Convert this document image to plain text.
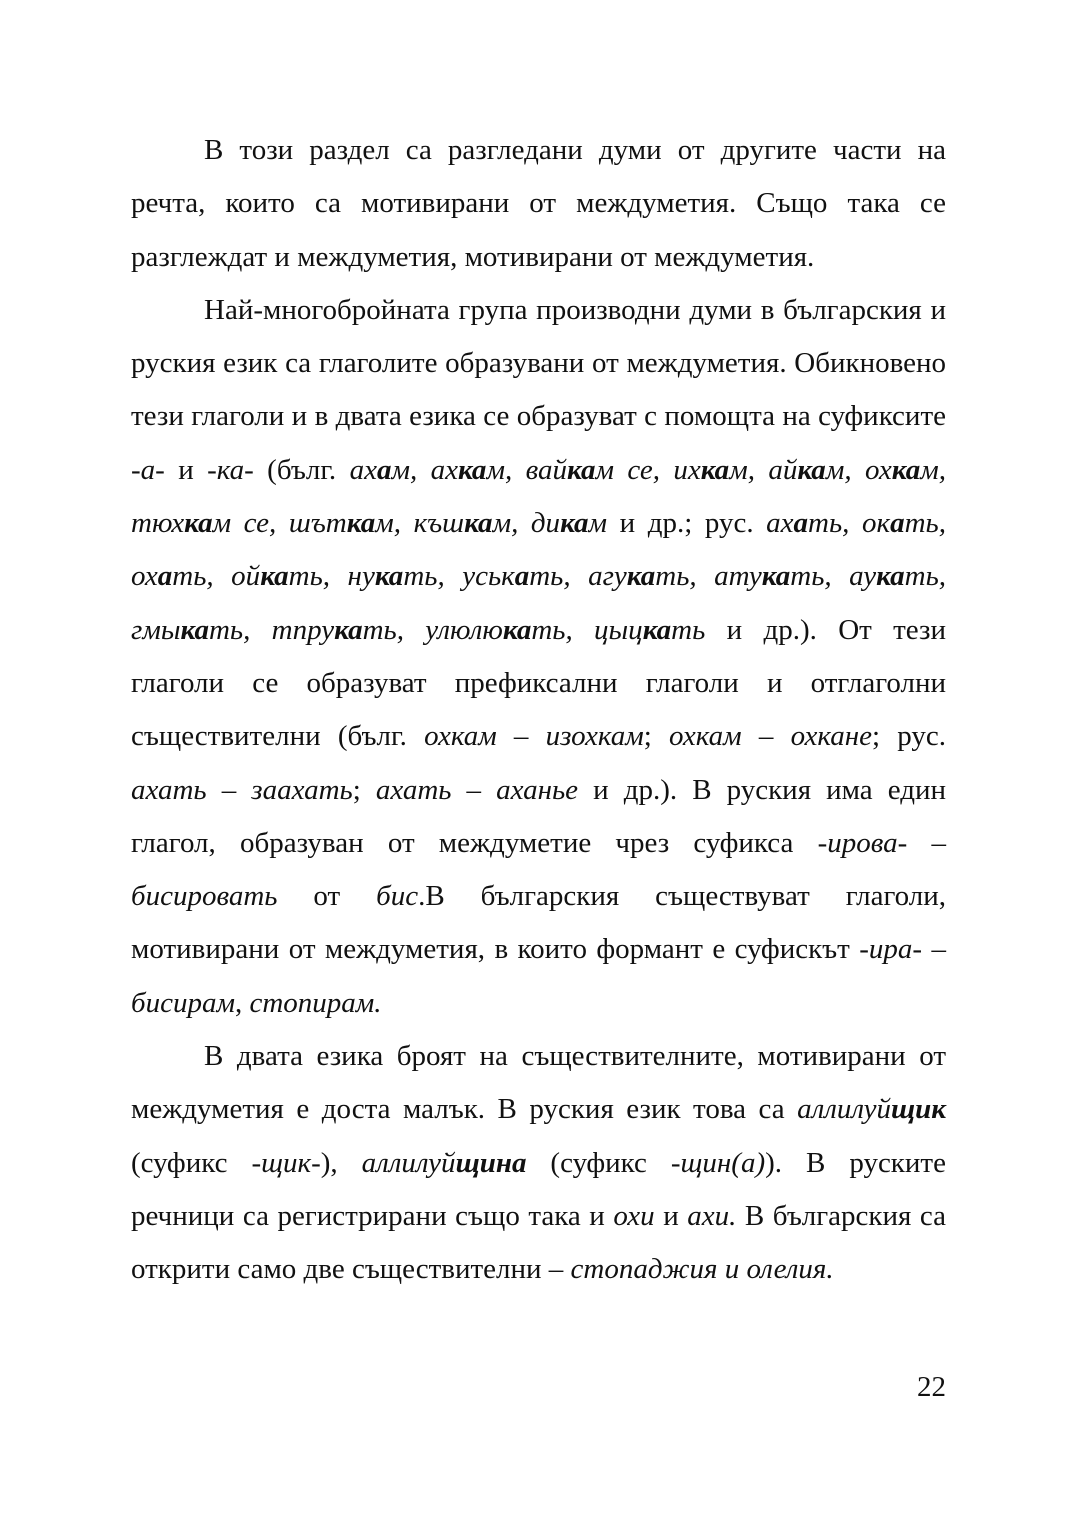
В този раздел са разгледани думи от другите части на речта, които са мотивирани от междуметия. Също така се разглеждат и междуметия, мотивирани от междуметия.

Най-многобройната група производни думи в българския и руския език са глаголите образувани от междуметия. Обикновено тези глаголи и в двата езика се образуват с помощта на суфиксите -а- и -ка- (бълг. ахам, ахкам, вайкам се, ихкам, айкам, охкам, тюхкам се, шъткам, къшкам, дикам и др.; рус. ахать, окать, охать, ойкать, нукать, уськать, агукать, атукать, аукать, гмыкать, тпрукать, улюлюкать, цыцкать и др.). От тези глаголи се образуват префиксални глаголи и отглаголни съществителни (бълг. охкам – изохкам; охкам – охкане; рус. ахать – заахать; ахать – аханье и др.). В руския има един глагол, образуван от междуметие чрез суфикса -ирова- – бисировать от бис.В българския съществуват глаголи, мотивирани от междуметия, в които формант е суфискът -ира- – бисирам, стопирам.

В двата езика броят на съществителните, мотивирани от междуметия е доста малък. В руския език това са аллилуйщик (суфикс -щик-), аллилуйщина (суфикс -щин(а)). В руските речници са регистрирани също така и охи и ахи. В българския са открити само две съществителни – стопаджия и олелия.

22
